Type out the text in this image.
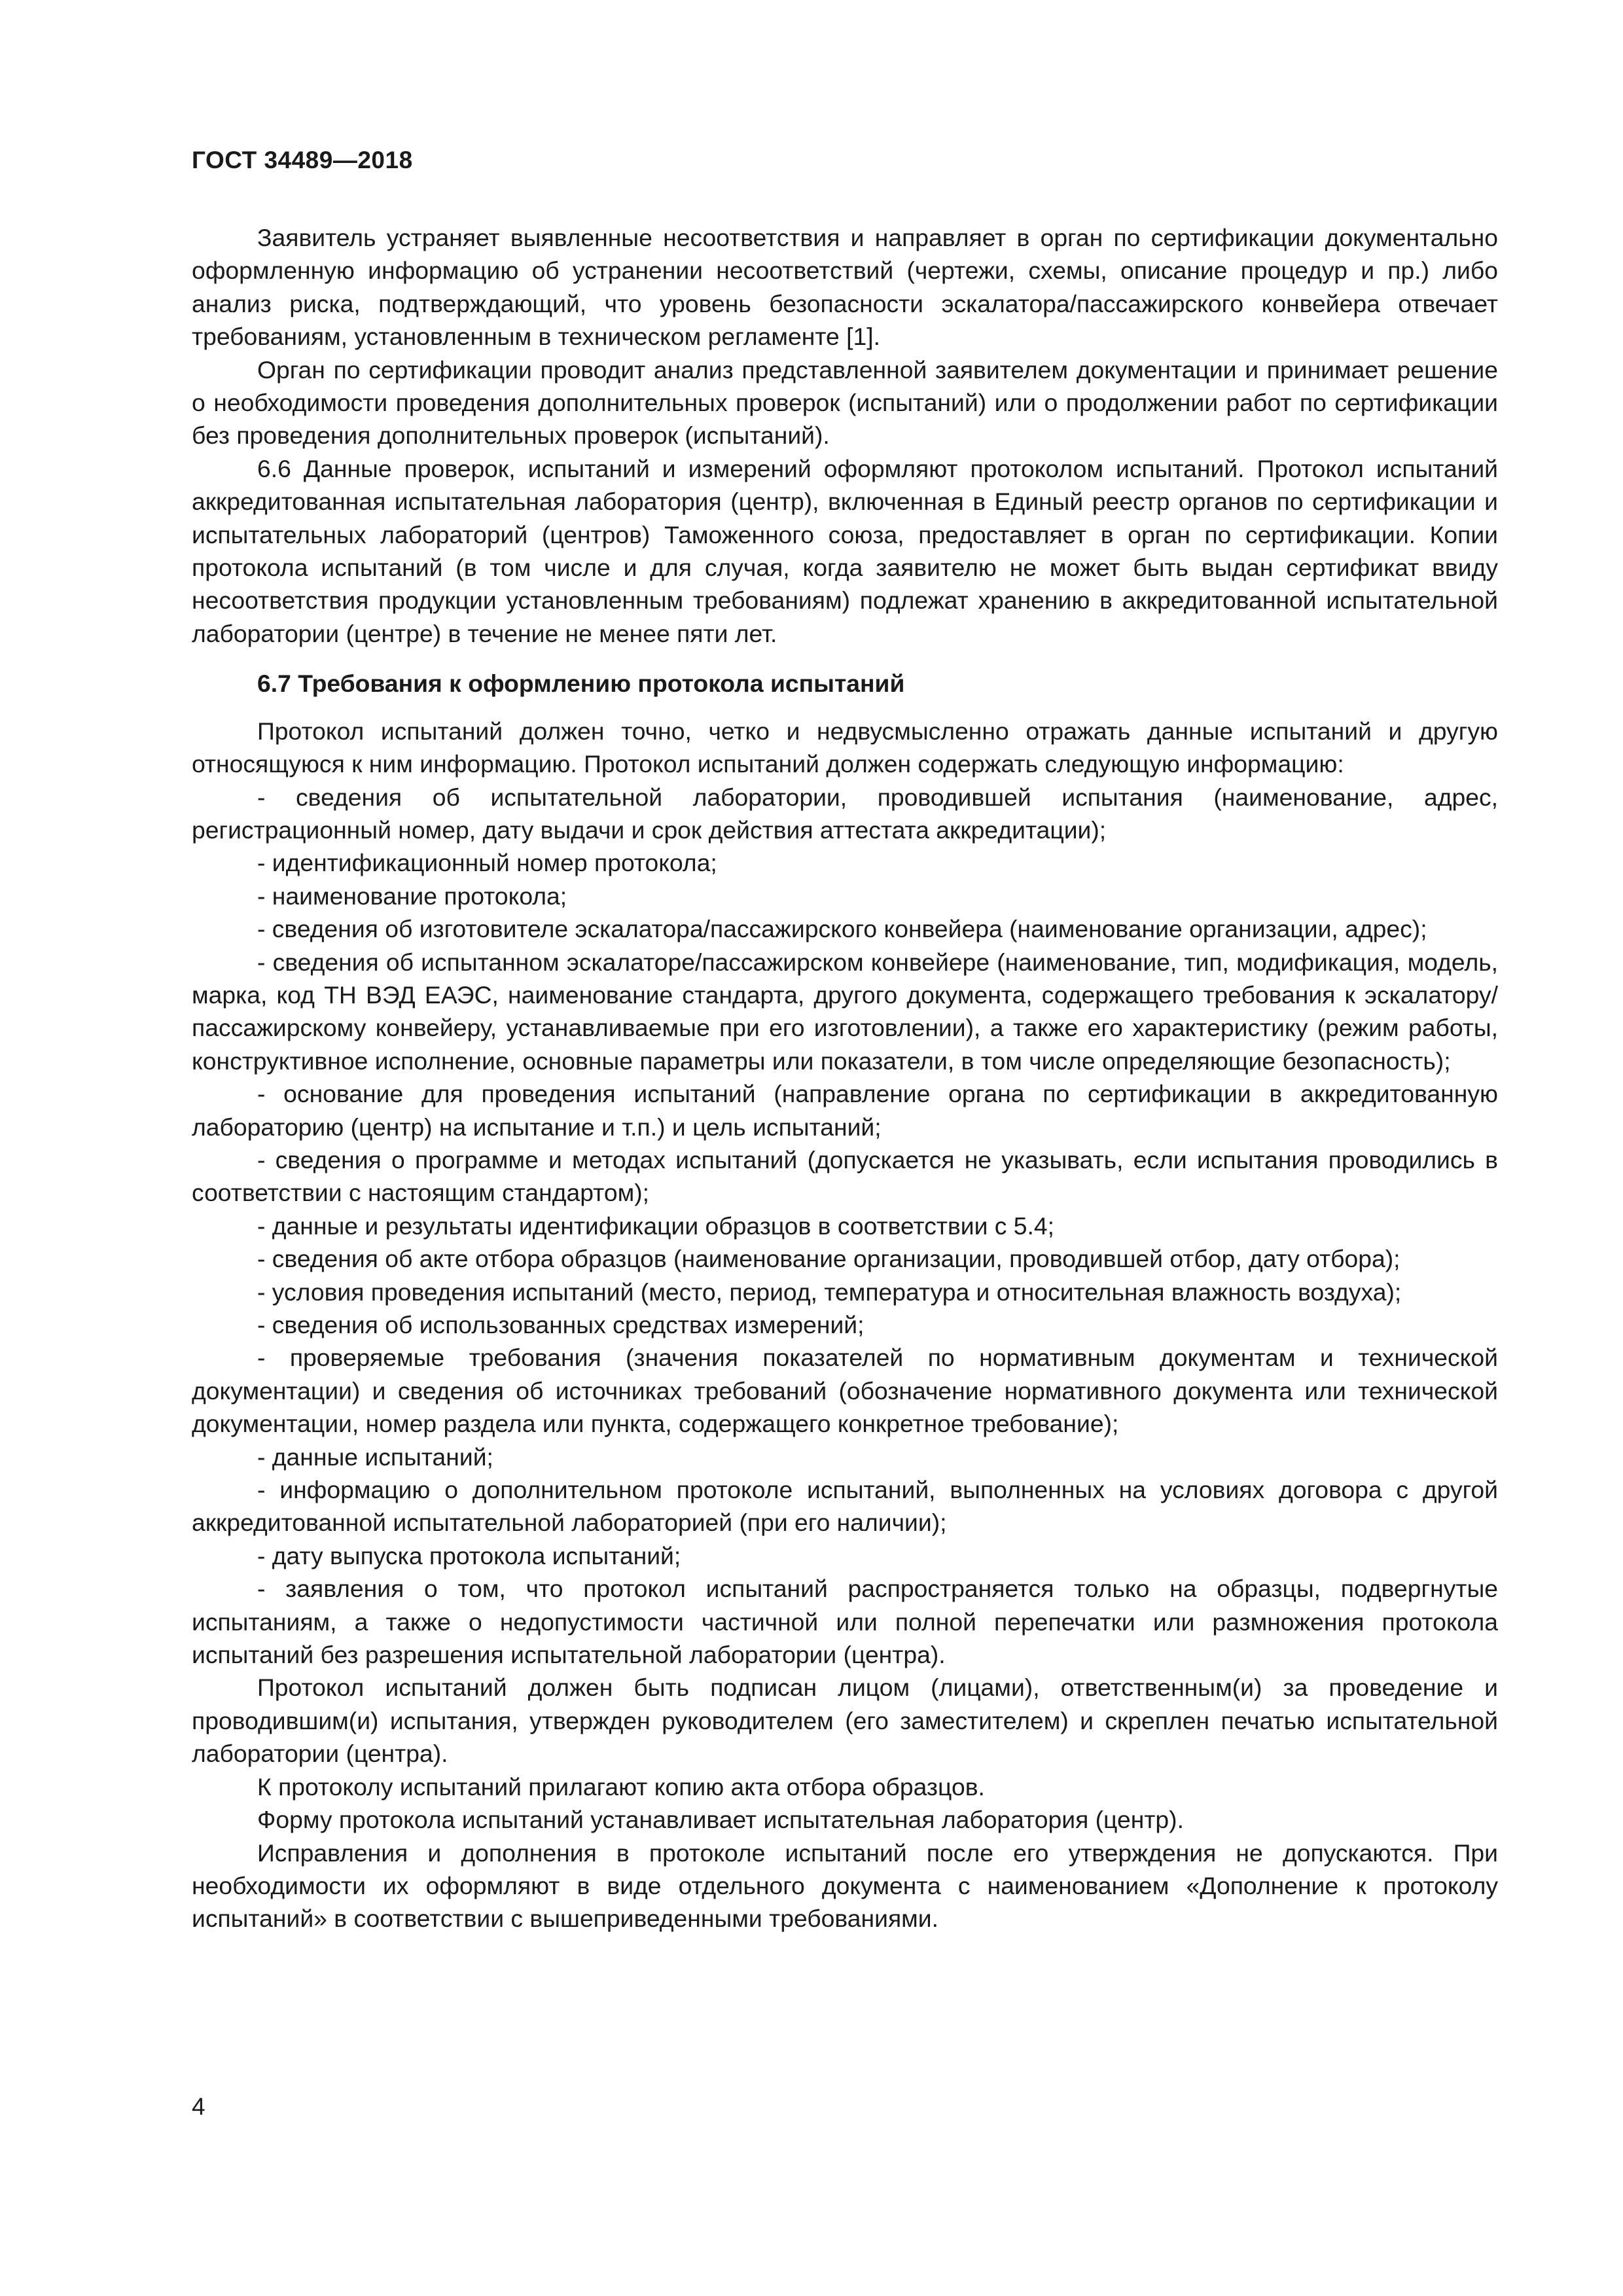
ГОСТ 34489—2018

Заявитель устраняет выявленные несоответствия и направляет в орган по сертификации документально оформленную информацию об устранении несоответствий (чертежи, схемы, описание процедур и пр.) либо анализ риска, подтверждающий, что уровень безопасности эскалатора/пассажирского конвейера отвечает требованиям, установленным в техническом регламенте [1].

Орган по сертификации проводит анализ представленной заявителем документации и принимает решение о необходимости проведения дополнительных проверок (испытаний) или о продолжении работ по сертификации без проведения дополнительных проверок (испытаний).

6.6 Данные проверок, испытаний и измерений оформляют протоколом испытаний. Протокол испытаний аккредитованная испытательная лаборатория (центр), включенная в Единый реестр органов по сертификации и испытательных лабораторий (центров) Таможенного союза, предоставляет в орган по сертификации. Копии протокола испытаний (в том числе и для случая, когда заявителю не может быть выдан сертификат ввиду несоответствия продукции установленным требованиям) подлежат хранению в аккредитованной испытательной лаборатории (центре) в течение не менее пяти лет.

6.7 Требования к оформлению протокола испытаний

Протокол испытаний должен точно, четко и недвусмысленно отражать данные испытаний и другую относящуюся к ним информацию. Протокол испытаний должен содержать следующую информацию:

- сведения об испытательной лаборатории, проводившей испытания (наименование, адрес, регистрационный номер, дату выдачи и срок действия аттестата аккредитации);

- идентификационный номер протокола;

- наименование протокола;

- сведения об изготовителе эскалатора/пассажирского конвейера (наименование организации, адрес);

- сведения об испытанном эскалаторе/пассажирском конвейере (наименование, тип, модификация, модель, марка, код ТН ВЭД ЕАЭС, наименование стандарта, другого документа, содержащего требования к эскалатору/пассажирскому конвейеру, устанавливаемые при его изготовлении), а также его характеристику (режим работы, конструктивное исполнение, основные параметры или показатели, в том числе определяющие безопасность);

- основание для проведения испытаний (направление органа по сертификации в аккредитованную лабораторию (центр) на испытание и т.п.) и цель испытаний;

- сведения о программе и методах испытаний (допускается не указывать, если испытания проводились в соответствии с настоящим стандартом);

- данные и результаты идентификации образцов в соответствии с 5.4;

- сведения об акте отбора образцов (наименование организации, проводившей отбор, дату отбора);

- условия проведения испытаний (место, период, температура и относительная влажность воздуха);

- сведения об использованных средствах измерений;

- проверяемые требования (значения показателей по нормативным документам и технической документации) и сведения об источниках требований (обозначение нормативного документа или технической документации, номер раздела или пункта, содержащего конкретное требование);

- данные испытаний;

- информацию о дополнительном протоколе испытаний, выполненных на условиях договора с другой аккредитованной испытательной лабораторией (при его наличии);

- дату выпуска протокола испытаний;

- заявления о том, что протокол испытаний распространяется только на образцы, подвергнутые испытаниям, а также о недопустимости частичной или полной перепечатки или размножения протокола испытаний без разрешения испытательной лаборатории (центра).

Протокол испытаний должен быть подписан лицом (лицами), ответственным(и) за проведение и проводившим(и) испытания, утвержден руководителем (его заместителем) и скреплен печатью испытательной лаборатории (центра).

К протоколу испытаний прилагают копию акта отбора образцов.

Форму протокола испытаний устанавливает испытательная лаборатория (центр).

Исправления и дополнения в протоколе испытаний после его утверждения не допускаются. При необходимости их оформляют в виде отдельного документа с наименованием «Дополнение к протоколу испытаний» в соответствии с вышеприведенными требованиями.

4
